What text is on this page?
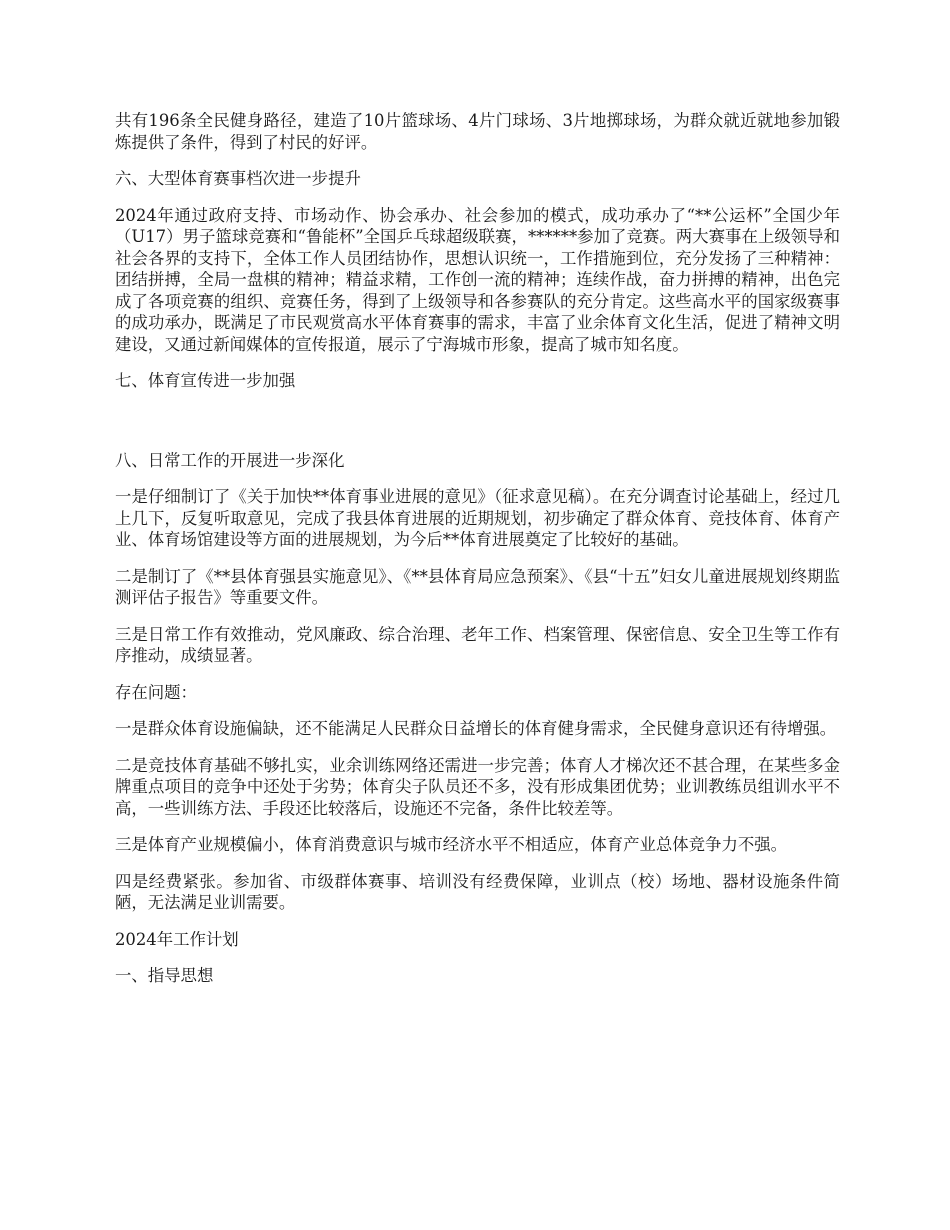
共有196条全民健身路径，建造了10片篮球场、4片门球场、3片地掷球场，为群众就近就地参加锻炼提供了条件，得到了村民的好评。

六、大型体育赛事档次进一步提升

2024年通过政府支持、市场动作、协会承办、社会参加的模式，成功承办了“**公运杯”全国少年（U17）男子篮球竞赛和“鲁能杯”全国乒乓球超级联赛，******参加了竞赛。两大赛事在上级领导和社会各界的支持下，全体工作人员团结协作，思想认识统一，工作措施到位，充分发扬了三种精神：团结拼搏，全局一盘棋的精神；精益求精，工作创一流的精神；连续作战，奋力拼搏的精神，出色完成了各项竞赛的组织、竞赛任务，得到了上级领导和各参赛队的充分肯定。这些高水平的国家级赛事的成功承办，既满足了市民观赏高水平体育赛事的需求，丰富了业余体育文化生活，促进了精神文明建设，又通过新闻媒体的宣传报道，展示了宁海城市形象，提高了城市知名度。

七、体育宣传进一步加强

八、日常工作的开展进一步深化

一是仔细制订了《关于加快**体育事业进展的意见》（征求意见稿）。在充分调查讨论基础上，经过几上几下，反复听取意见，完成了我县体育进展的近期规划，初步确定了群众体育、竞技体育、体育产业、体育场馆建设等方面的进展规划，为今后**体育进展奠定了比较好的基础。

二是制订了《**县体育强县实施意见》、《**县体育局应急预案》、《县“十五”妇女儿童进展规划终期监测评估子报告》等重要文件。

三是日常工作有效推动，党风廉政、综合治理、老年工作、档案管理、保密信息、安全卫生等工作有序推动，成绩显著。

存在问题：

一是群众体育设施偏缺，还不能满足人民群众日益增长的体育健身需求，全民健身意识还有待增强。

二是竞技体育基础不够扎实，业余训练网络还需进一步完善；体育人才梯次还不甚合理，在某些多金牌重点项目的竞争中还处于劣势；体育尖子队员还不多，没有形成集团优势；业训教练员组训水平不高，一些训练方法、手段还比较落后，设施还不完备，条件比较差等。

三是体育产业规模偏小，体育消费意识与城市经济水平不相适应，体育产业总体竞争力不强。

四是经费紧张。参加省、市级群体赛事、培训没有经费保障，业训点（校）场地、器材设施条件简陋，无法满足业训需要。

2024年工作计划

一、指导思想
